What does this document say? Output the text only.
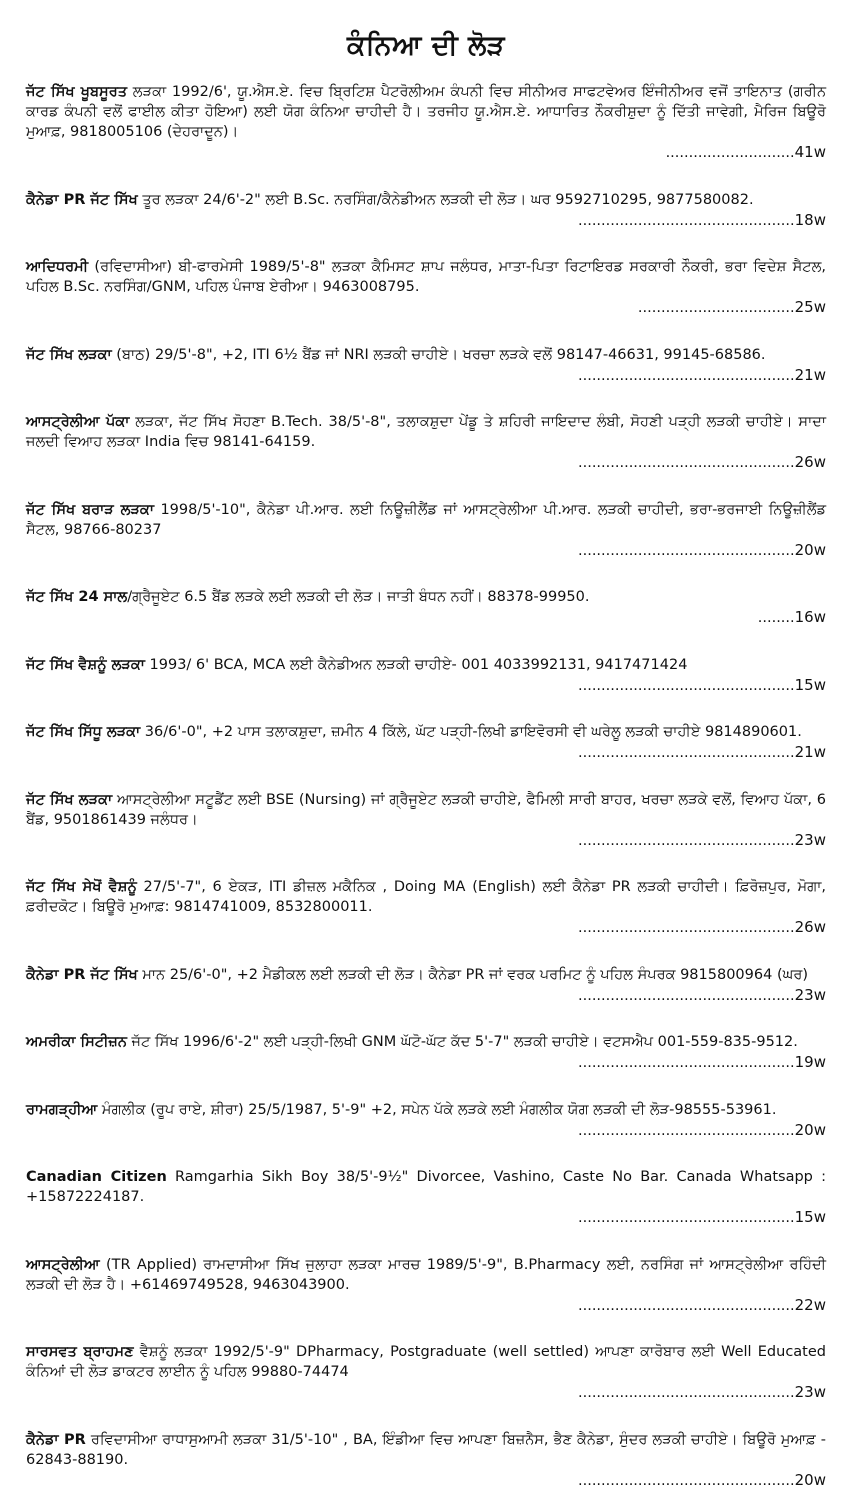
ਕੰਨਿਆ ਦੀ ਲੋੜ
ਜੱਟ ਸਿੱਖ ਖੂਬਸੂਰਤ ਲੜਕਾ 1992/6', ਯੂ.ਐਸ.ਏ. ਵਿਚ ਬ੍ਰਿਟਿਸ਼ ਪੈਟਰੋਲੀਅਮ ਕੰਪਨੀ ਵਿਚ ਸੀਨੀਅਰ ਸਾਫਟਵੇਅਰ ਇੰਜੀਨੀਅਰ ਵਜੋਂ ਤਾਇਨਾਤ (ਗਰੀਨ ਕਾਰਡ ਕੰਪਨੀ ਵਲੋਂ ਫਾਈਲ ਕੀਤਾ ਹੋਇਆ) ਲਈ ਯੋਗ ਕੰਨਿਆ ਚਾਹੀਦੀ ਹੈ। ਤਰਜੀਹ ਯੂ.ਐਸ.ਏ. ਆਧਾਰਿਤ ਨੌਕਰੀਸ਼ੁਦਾ ਨੂੰ ਦਿੱਤੀ ਜਾਵੇਗੀ, ਮੈਰਿਜ ਬਿਊਰੋ ਮੁਆਫ਼, 9818005106 (ਦੇਹਰਾਦੂਨ)।
............................ 41w
ਕੈਨੇਡਾ PR ਜੱਟ ਸਿੱਖ ਤੂਰ ਲੜਕਾ 24/6'-2" ਲਈ B.Sc. ਨਰਸਿੰਗ/ਕੈਨੇਡੀਅਨ ਲੜਕੀ ਦੀ ਲੋੜ। ਘਰ 9592710295, 9877580082.
............................................... 18w
ਆਦਿਧਰਮੀ (ਰਵਿਦਾਸੀਆ) ਬੀ-ਫਾਰਮੇਸੀ 1989/5'-8" ਲੜਕਾ ਕੈਮਿਸਟ ਸ਼ਾਪ ਜਲੰਧਰ, ਮਾਤਾ-ਪਿਤਾ ਰਿਟਾਇਰਡ ਸਰਕਾਰੀ ਨੌਕਰੀ, ਭਰਾ ਵਿਦੇਸ਼ ਸੈਟਲ, ਪਹਿਲ B.Sc. ਨਰਸਿੰਗ/GNM, ਪਹਿਲ ਪੰਜਾਬ ਏਰੀਆ। 9463008795.
.................................. 25w
ਜੱਟ ਸਿੱਖ ਲੜਕਾ (ਬਾਠ) 29/5'-8", +2, ITI 6½ ਬੈਂਡ ਜਾਂ NRI ਲੜਕੀ ਚਾਹੀਏ। ਖਰਚਾ ਲੜਕੇ ਵਲੋਂ 98147-46631, 99145-68586.
............................................... 21w
ਆਸਟ੍ਰੇਲੀਆ ਪੱਕਾ ਲੜਕਾ, ਜੱਟ ਸਿੱਖ ਸੋਹਣਾ B.Tech. 38/5'-8", ਤਲਾਕਸ਼ੁਦਾ ਪੇਂਡੂ ਤੇ ਸ਼ਹਿਰੀ ਜਾਇਦਾਦ ਲੰਬੀ, ਸੋਹਣੀ ਪੜ੍ਹੀ ਲੜਕੀ ਚਾਹੀਏ। ਸਾਦਾ ਜਲਦੀ ਵਿਆਹ ਲੜਕਾ India ਵਿਚ 98141-64159.
............................................... 26w
ਜੱਟ ਸਿੱਖ ਬਰਾੜ ਲੜਕਾ 1998/5'-10", ਕੈਨੇਡਾ ਪੀ.ਆਰ. ਲਈ ਨਿਊਜ਼ੀਲੈਂਡ ਜਾਂ ਆਸਟ੍ਰੇਲੀਆ ਪੀ.ਆਰ. ਲੜਕੀ ਚਾਹੀਦੀ, ਭਰਾ-ਭਰਜਾਈ ਨਿਊਜ਼ੀਲੈਂਡ ਸੈਟਲ, 98766-80237
............................................... 20w
ਜੱਟ ਸਿੱਖ 24 ਸਾਲ/ਗ੍ਰੈਜੂਏਟ 6.5 ਬੈਂਡ ਲੜਕੇ ਲਈ ਲੜਕੀ ਦੀ ਲੋੜ। ਜਾਤੀ ਬੰਧਨ ਨਹੀਂ। 88378-99950.
........ 16w
ਜੱਟ ਸਿੱਖ ਵੈਸ਼ਨੂੰ ਲੜਕਾ 1993/ 6' BCA, MCA ਲਈ ਕੈਨੇਡੀਅਨ ਲੜਕੀ ਚਾਹੀਏ- 001 4033992131, 9417471424
............................................... 15w
ਜੱਟ ਸਿੱਖ ਸਿੱਧੂ ਲੜਕਾ 36/6'-0", +2 ਪਾਸ ਤਲਾਕਸ਼ੁਦਾ, ਜ਼ਮੀਨ 4 ਕਿੱਲੇ, ਘੱਟ ਪੜ੍ਹੀ-ਲਿਖੀ ਡਾਇਵੋਰਸੀ ਵੀ ਘਰੇਲੂ ਲੜਕੀ ਚਾਹੀਏ 9814890601.
............................................... 21w
ਜੱਟ ਸਿੱਖ ਲੜਕਾ ਆਸਟ੍ਰੇਲੀਆ ਸਟੂਡੈਂਟ ਲਈ BSE (Nursing) ਜਾਂ ਗ੍ਰੈਜੂਏਟ ਲੜਕੀ ਚਾਹੀਏ, ਫੈਮਿਲੀ ਸਾਰੀ ਬਾਹਰ, ਖਰਚਾ ਲੜਕੇ ਵਲੋਂ, ਵਿਆਹ ਪੱਕਾ, 6 ਬੈਂਡ, 9501861439 ਜਲੰਧਰ।
............................................... 23w
ਜੱਟ ਸਿੱਖ ਸੇਖੋਂ ਵੈਸ਼ਨੂੰ 27/5'-7", 6 ਏਕੜ, ITI ਡੀਜ਼ਲ ਮਕੈਨਿਕ , Doing MA (English) ਲਈ ਕੈਨੇਡਾ PR ਲੜਕੀ ਚਾਹੀਦੀ। ਫ਼ਿਰੋਜ਼ਪੁਰ, ਮੋਗਾ, ਫ਼ਰੀਦਕੋਟ। ਬਿਊਰੋ ਮੁਆਫ਼: 9814741009, 8532800011.
............................................... 26w
ਕੈਨੇਡਾ PR ਜੱਟ ਸਿੱਖ ਮਾਨ 25/6'-0", +2 ਮੈਡੀਕਲ ਲਈ ਲੜਕੀ ਦੀ ਲੋੜ। ਕੈਨੇਡਾ PR ਜਾਂ ਵਰਕ ਪਰਮਿਟ ਨੂੰ ਪਹਿਲ ਸੰਪਰਕ 9815800964 (ਘਰ)
............................................... 23w
ਅਮਰੀਕਾ ਸਿਟੀਜ਼ਨ ਜੱਟ ਸਿੱਖ 1996/6'-2" ਲਈ ਪੜ੍ਹੀ-ਲਿਖੀ GNM ਘੱਟੋ-ਘੱਟ ਕੱਦ 5'-7" ਲੜਕੀ ਚਾਹੀਏ। ਵਟਸਐਪ 001-559-835-9512.
............................................... 19w
ਰਾਮਗੜ੍ਹੀਆ ਮੰਗਲੀਕ (ਰੂਪ ਰਾਏ, ਸ਼ੀਰਾ) 25/5/1987, 5'-9" +2, ਸਪੇਨ ਪੱਕੇ ਲੜਕੇ ਲਈ ਮੰਗਲੀਕ ਯੋਗ ਲੜਕੀ ਦੀ ਲੋੜ-98555-53961.
............................................... 20w
Canadian Citizen Ramgarhia Sikh Boy 38/5'-9½" Divorcee, Vashino, Caste No Bar. Canada Whatsapp : +15872224187.
............................................... 15w
ਆਸਟ੍ਰੇਲੀਆ (TR Applied) ਰਾਮਦਾਸੀਆ ਸਿੱਖ ਜੁਲਾਹਾ ਲੜਕਾ ਮਾਰਚ 1989/5'-9", B.Pharmacy ਲਈ, ਨਰਸਿੰਗ ਜਾਂ ਆਸਟ੍ਰੇਲੀਆ ਰਹਿੰਦੀ ਲੜਕੀ ਦੀ ਲੋੜ ਹੈ। +61469749528, 9463043900.
............................................... 22w
ਸਾਰਸਵਤ ਬ੍ਰਾਹਮਣ ਵੈਸ਼ਨੂੰ ਲੜਕਾ 1992/5'-9" DPharmacy, Postgraduate (well settled) ਆਪਣਾ ਕਾਰੋਬਾਰ ਲਈ Well Educated ਕੰਨਿਆਂ ਦੀ ਲੋੜ ਡਾਕਟਰ ਲਾਈਨ ਨੂੰ ਪਹਿਲ 99880-74474
............................................... 23w
ਕੈਨੇਡਾ PR ਰਵਿਦਾਸੀਆ ਰਾਧਾਸੁਆਮੀ ਲੜਕਾ 31/5'-10" , BA, ਇੰਡੀਆ ਵਿਚ ਆਪਣਾ ਬਿਜ਼ਨੈਸ, ਭੈਣ ਕੈਨੇਡਾ, ਸੁੰਦਰ ਲੜਕੀ ਚਾਹੀਏ। ਬਿਊਰੋ ਮੁਆਫ਼ - 62843-88190.
............................................... 20w
